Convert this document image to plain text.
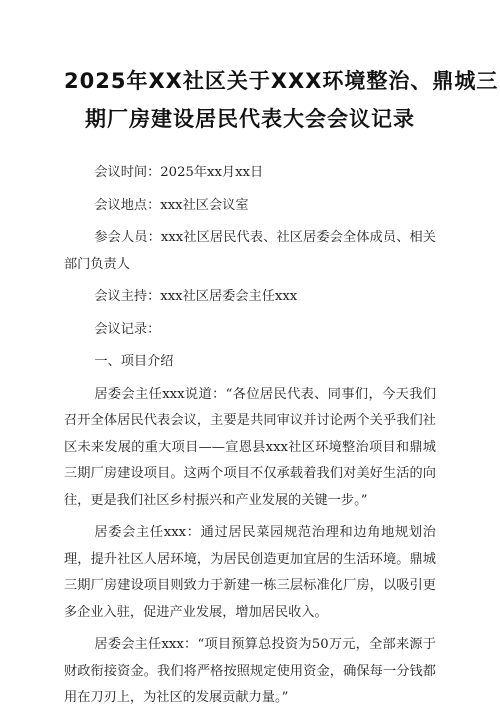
2025年XX社区关于XXX环境整治、鼎城三
期厂房建设居民代表大会会议记录

会议时间：2025年xx月xx日

会议地点：xxx社区会议室

参会人员：xxx社区居民代表、社区居委会全体成员、相关部门负责人

会议主持：xxx社区居委会主任xxx

会议记录：

一、项目介绍

居委会主任xxx说道：“各位居民代表、同事们，今天我们召开全体居民代表会议，主要是共同审议并讨论两个关乎我们社区未来发展的重大项目——宣恩县xxx社区环境整治项目和鼎城三期厂房建设项目。这两个项目不仅承载着我们对美好生活的向往，更是我们社区乡村振兴和产业发展的关键一步。”

居委会主任xxx：通过居民菜园规范治理和边角地规划治理，提升社区人居环境，为居民创造更加宜居的生活环境。鼎城三期厂房建设项目则致力于新建一栋三层标准化厂房，以吸引更多企业入驻，促进产业发展，增加居民收入。

居委会主任xxx：“项目预算总投资为50万元，全部来源于财政衔接资金。我们将严格按照规定使用资金，确保每一分钱都用在刀刃上，为社区的发展贡献力量。”
